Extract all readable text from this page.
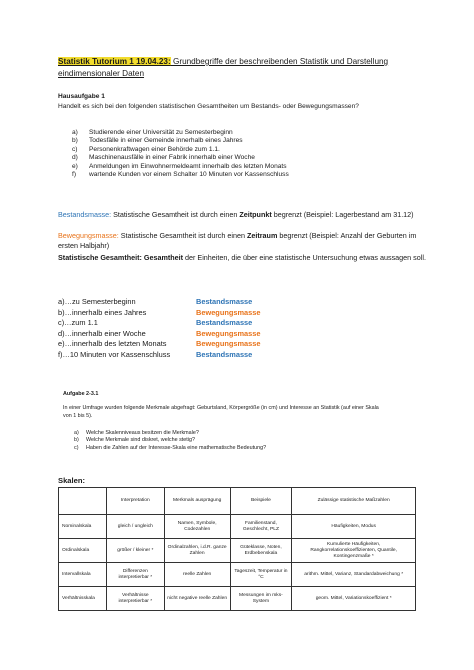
Statistik Tutorium 1 19.04.23: Grundbegriffe der beschreibenden Statistik und Darstellung eindimensionaler Daten
Hausaufgabe 1
Handelt es sich bei den folgenden statistischen Gesamtheiten um Bestands- oder Bewegungsmassen?
a)	Studierende einer Universität zu Semesterbeginn
b)	Todesfälle in einer Gemeinde innerhalb eines Jahres
c)	Personenkraftwagen einer Behörde zum 1.1.
d)	Maschinenausfälle in einer Fabrik innerhalb einer Woche
e)	Anmeldungen im Einwohnermeldeamt innerhalb des letzten Monats
f)	wartende Kunden vor einem Schalter 10 Minuten vor Kassenschluss
Bestandsmasse: Statistische Gesamtheit ist durch einen Zeitpunkt begrenzt (Beispiel: Lagerbestand am 31.12)
Bewegungsmasse: Statistische Gesamtheit ist durch einen Zeitraum begrenzt (Beispiel: Anzahl der Geburten im ersten Halbjahr)
Statistische Gesamtheit: Gesamtheit der Einheiten, die über eine statistische Untersuchung etwas aussagen soll.
a)…zu Semesterbeginn	Bestandsmasse
b)…innerhalb eines Jahres	Bewegungsmasse
c)…zum 1.1	Bestandsmasse
d)…innerhalb einer Woche	Bewegungsmasse
e)…innerhalb des letzten Monats	Bewegungsmasse
f)…10 Minuten vor Kassenschluss	Bestandsmasse
Aufgabe 2-3.1
In einer Umfrage wurden folgende Merkmale abgefragt: Geburtsland, Körpergröße (in cm) und Interesse an Statistik (auf einer Skala von 1 bis 5).
a)	Welche Skalenniveaus besitzen die Merkmale?
b)	Welche Merkmale sind diskret, welche stetig?
c)	Haben die Zahlen auf der Interesse-Skala eine mathematische Bedeutung?
Skalen:
	Interpretation	Merkmals ausprägung	Beispiele	Zulässige statistische Maßzahlen
Nominalskala	gleich / ungleich	Namen, Symbole, Codezahlen	Familienstand, Geschlecht, PLZ	Häufigkeiten, Modus
Ordinalskala	größer / kleiner *	Ordinalzahlen, i.d.R. ganze Zahlen	Güteklasse, Noten, Erdbebenskala	Kumulierte Häufigkeiten, Rangkorrelationskoeffizienten, Quantile, Kontingenzmaße *
Intervallskala	Differenzen interpretierbar *	reelle Zahlen	Tageszeit, Temperatur in °C	arithm. Mittel, Varianz, Standardabweichung *
Verhältnisskala	Verhältnisse interpretierbar *	nicht negative reelle Zahlen	Messungen im mks-System	geom. Mittel, Variationskoeffizient *
